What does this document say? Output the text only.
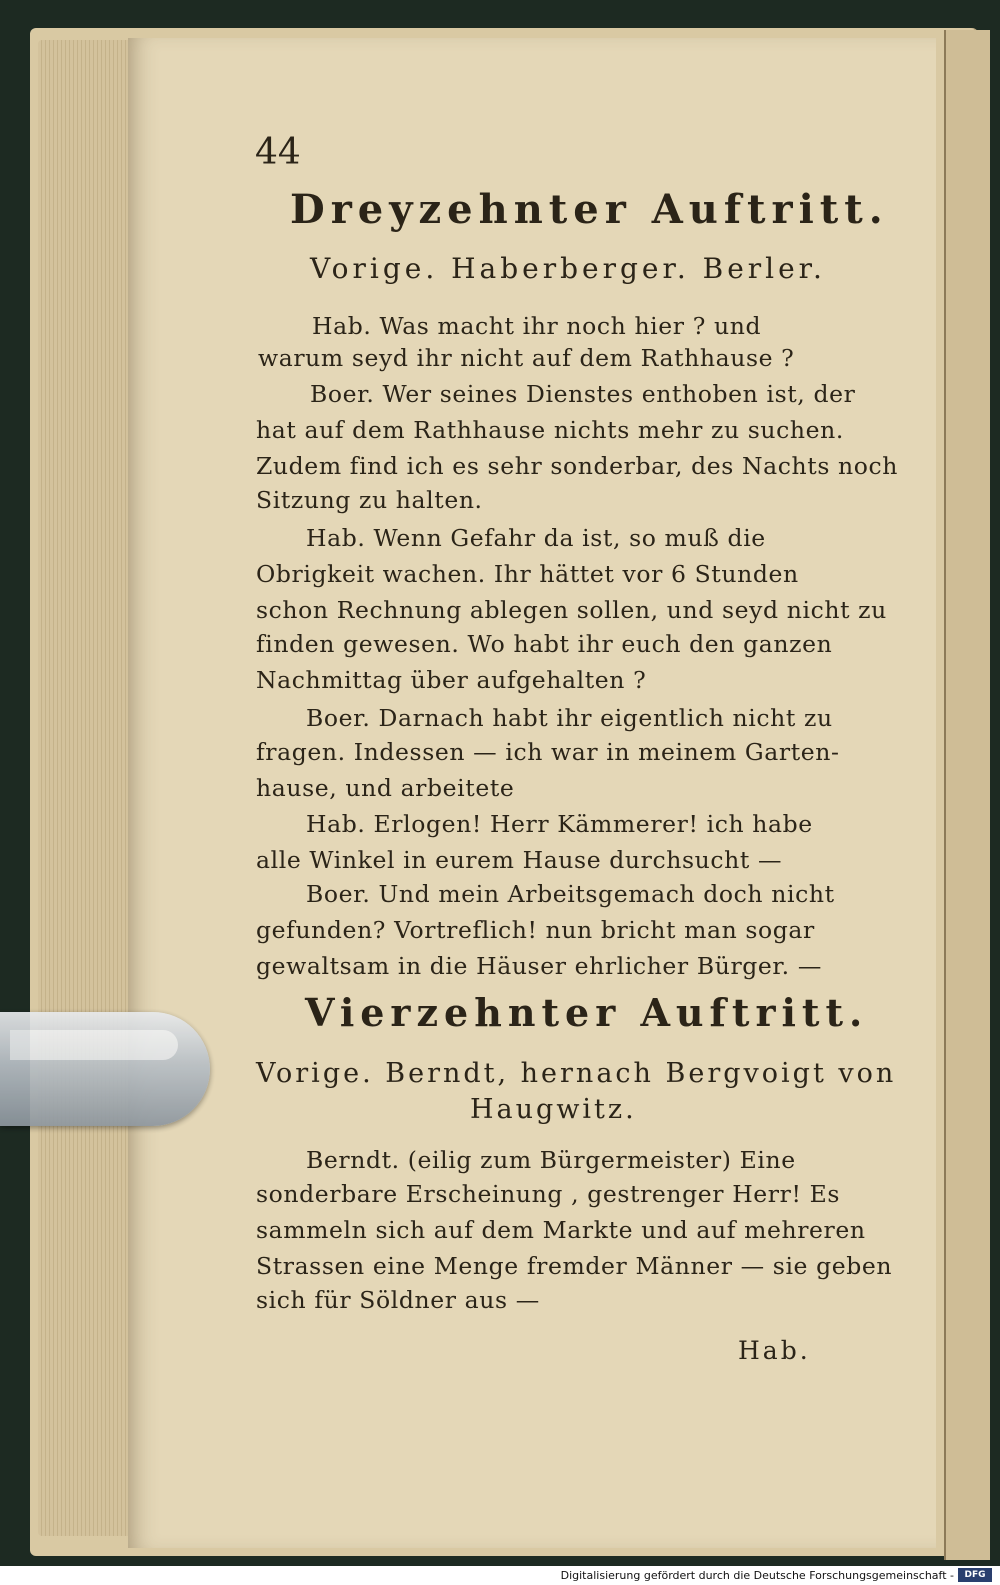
44
Dreyzehnter Auftritt.
Vorige. Haberberger. Berler.
Hab. Was macht ihr noch hier ? und
warum seyd ihr nicht auf dem Rathhause ?
Boer. Wer seines Dienstes enthoben ist, der
hat auf dem Rathhause nichts mehr zu suchen.
Zudem find ich es sehr sonderbar, des Nachts noch
Sitzung zu halten.
Hab. Wenn Gefahr da ist, so muß die
Obrigkeit wachen. Ihr hättet vor 6 Stunden
schon Rechnung ablegen sollen, und seyd nicht zu
finden gewesen. Wo habt ihr euch den ganzen
Nachmittag über aufgehalten ?
Boer. Darnach habt ihr eigentlich nicht zu
fragen. Indessen — ich war in meinem Garten-
hause, und arbeitete
Hab. Erlogen! Herr Kämmerer! ich habe
alle Winkel in eurem Hause durchsucht —
Boer. Und mein Arbeitsgemach doch nicht
gefunden? Vortreflich! nun bricht man sogar
gewaltsam in die Häuser ehrlicher Bürger. —
Vierzehnter Auftritt.
Vorige. Berndt, hernach Bergvoigt von
Haugwitz.
Berndt. (eilig zum Bürgermeister) Eine
sonderbare Erscheinung , gestrenger Herr! Es
sammeln sich auf dem Markte und auf mehreren
Strassen eine Menge fremder Männer — sie geben
sich für Söldner aus —
Hab.
Digitalisierung gefördert durch die Deutsche Forschungsgemeinschaft -	DFG
